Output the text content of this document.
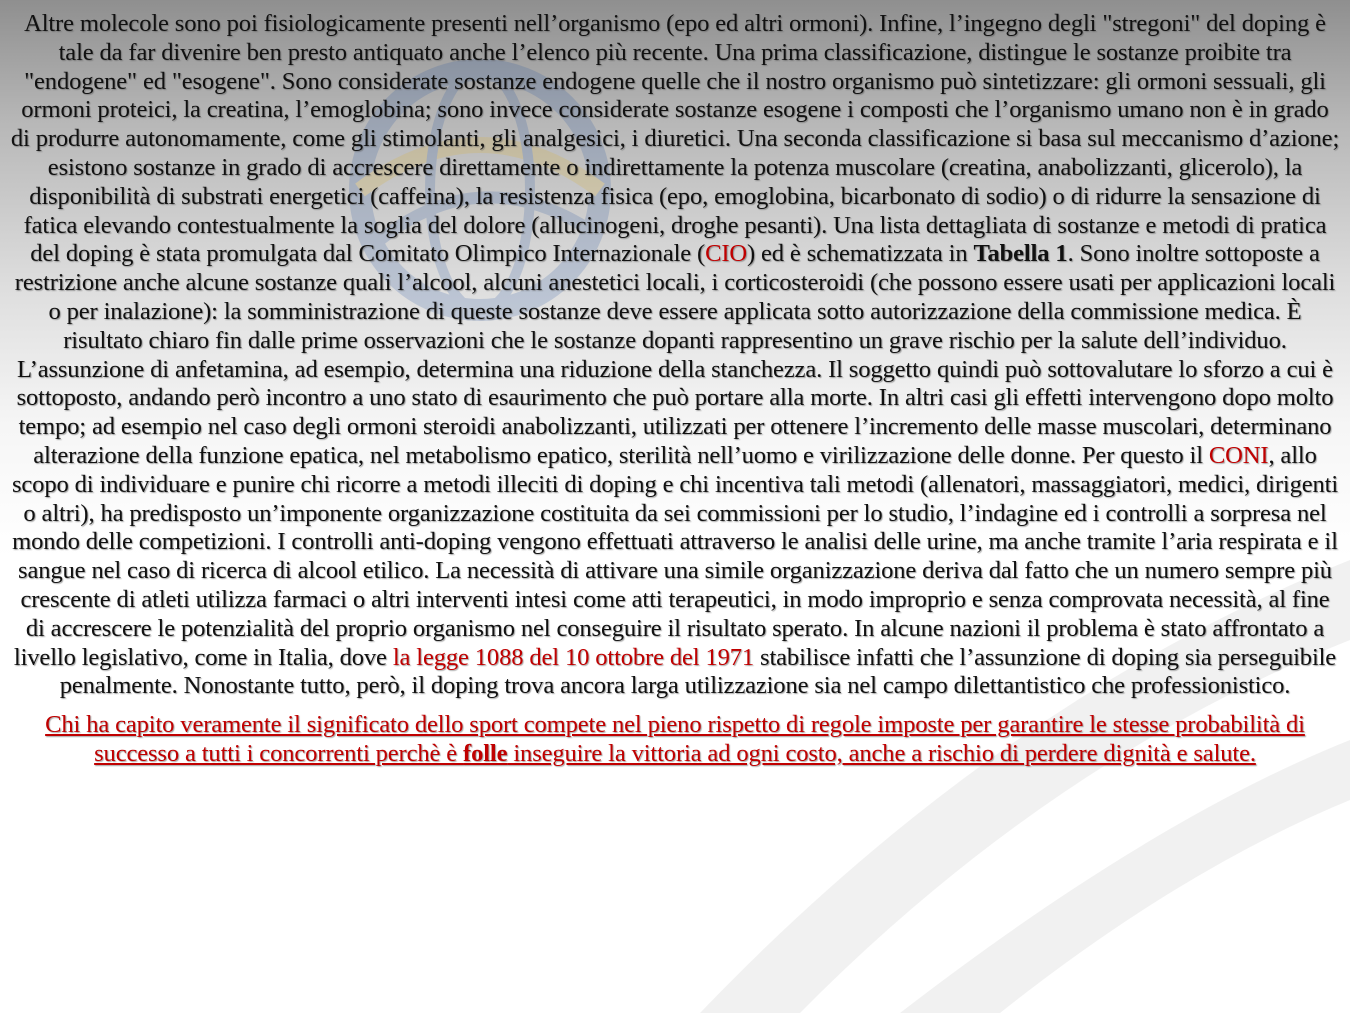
Altre molecole sono poi fisiologicamente presenti nell’organismo (epo ed altri ormoni). Infine, l’ingegno degli "stregoni" del doping è tale da far divenire ben presto antiquato anche l’elenco più recente. Una prima classificazione, distingue le sostanze proibite tra "endogene" ed "esogene". Sono considerate sostanze endogene quelle che il nostro organismo può sintetizzare: gli ormoni sessuali, gli ormoni proteici, la creatina, l’emoglobina; sono invece considerate sostanze esogene i composti che l’organismo umano non è in grado di produrre autonomamente, come gli stimolanti, gli analgesici, i diuretici. Una seconda classificazione si basa sul meccanismo d’azione; esistono sostanze in grado di accrescere direttamente o indirettamente la potenza muscolare (creatina, anabolizzanti, glicerolo), la disponibilità di substrati energetici (caffeina), la resistenza fisica (epo, emoglobina, bicarbonato di sodio) o di ridurre la sensazione di fatica elevando contestualmente la soglia del dolore (allucinogeni, droghe pesanti). Una lista dettagliata di sostanze e metodi di pratica del doping è stata promulgata dal Comitato Olimpico Internazionale (CIO) ed è schematizzata in Tabella 1. Sono inoltre sottoposte a restrizione anche alcune sostanze quali l’alcool, alcuni anestetici locali, i corticosteroidi (che possono essere usati per applicazioni locali o per inalazione): la somministrazione di queste sostanze deve essere applicata sotto autorizzazione della commissione medica. È risultato chiaro fin dalle prime osservazioni che le sostanze dopanti rappresentino un grave rischio per la salute dell’individuo. L’assunzione di anfetamina, ad esempio, determina una riduzione della stanchezza. Il soggetto quindi può sottovalutare lo sforzo a cui è sottoposto, andando però incontro a uno stato di esaurimento che può portare alla morte. In altri casi gli effetti intervengono dopo molto tempo; ad esempio nel caso degli ormoni steroidi anabolizzanti, utilizzati per ottenere l’incremento delle masse muscolari, determinano alterazione della funzione epatica, nel metabolismo epatico, sterilità nell’uomo e virilizzazione delle donne. Per questo il CONI, allo scopo di individuare e punire chi ricorre a metodi illeciti di doping e chi incentiva tali metodi (allenatori, massaggiatori, medici, dirigenti o altri), ha predisposto un’imponente organizzazione costituita da sei commissioni per lo studio, l’indagine ed i controlli a sorpresa nel mondo delle competizioni. I controlli anti-doping vengono effettuati attraverso le analisi delle urine, ma anche tramite l’aria respirata e il sangue nel caso di ricerca di alcool etilico. La necessità di attivare una simile organizzazione deriva dal fatto che un numero sempre più crescente di atleti utilizza farmaci o altri interventi intesi come atti terapeutici, in modo improprio e senza comprovata necessità, al fine di accrescere le potenzialità del proprio organismo nel conseguire il risultato sperato. In alcune nazioni il problema è stato affrontato a livello legislativo, come in Italia, dove la legge 1088 del 10 ottobre del 1971 stabilisce infatti che l’assunzione di doping sia perseguibile penalmente. Nonostante tutto, però, il doping trova ancora larga utilizzazione sia nel campo dilettantistico che professionistico.

Chi ha capito veramente il significato dello sport compete nel pieno rispetto di regole imposte per garantire le stesse probabilità di successo a tutti i concorrenti perchè è folle inseguire la vittoria ad ogni costo, anche a rischio di perdere dignità e salute.
